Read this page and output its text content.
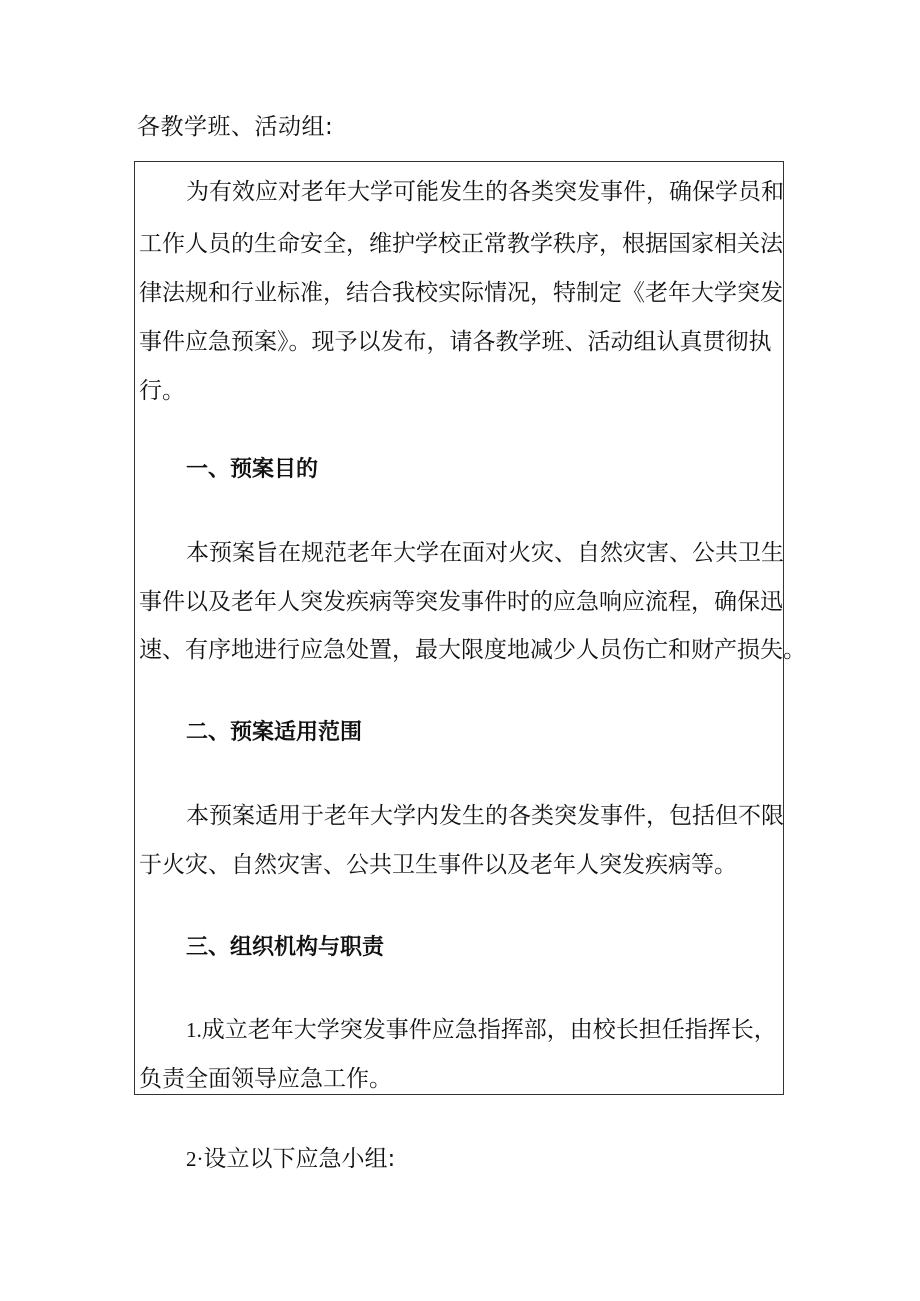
各教学班、活动组:
为有效应对老年大学可能发生的各类突发事件，确保学员和
工作人员的生命安全，维护学校正常教学秩序，根据国家相关法
律法规和行业标准，结合我校实际情况，特制定《老年大学突发
事件应急预案》。现予以发布，请各教学班、活动组认真贯彻执
行。
一、预案目的
本预案旨在规范老年大学在面对火灾、自然灾害、公共卫生
事件以及老年人突发疾病等突发事件时的应急响应流程，确保迅
速、有序地进行应急处置，最大限度地减少人员伤亡和财产损失。
二、预案适用范围
本预案适用于老年大学内发生的各类突发事件，包括但不限
于火灾、自然灾害、公共卫生事件以及老年人突发疾病等。
三、组织机构与职责
1.成立老年大学突发事件应急指挥部，由校长担任指挥长，
负责全面领导应急工作。
2·设立以下应急小组:
